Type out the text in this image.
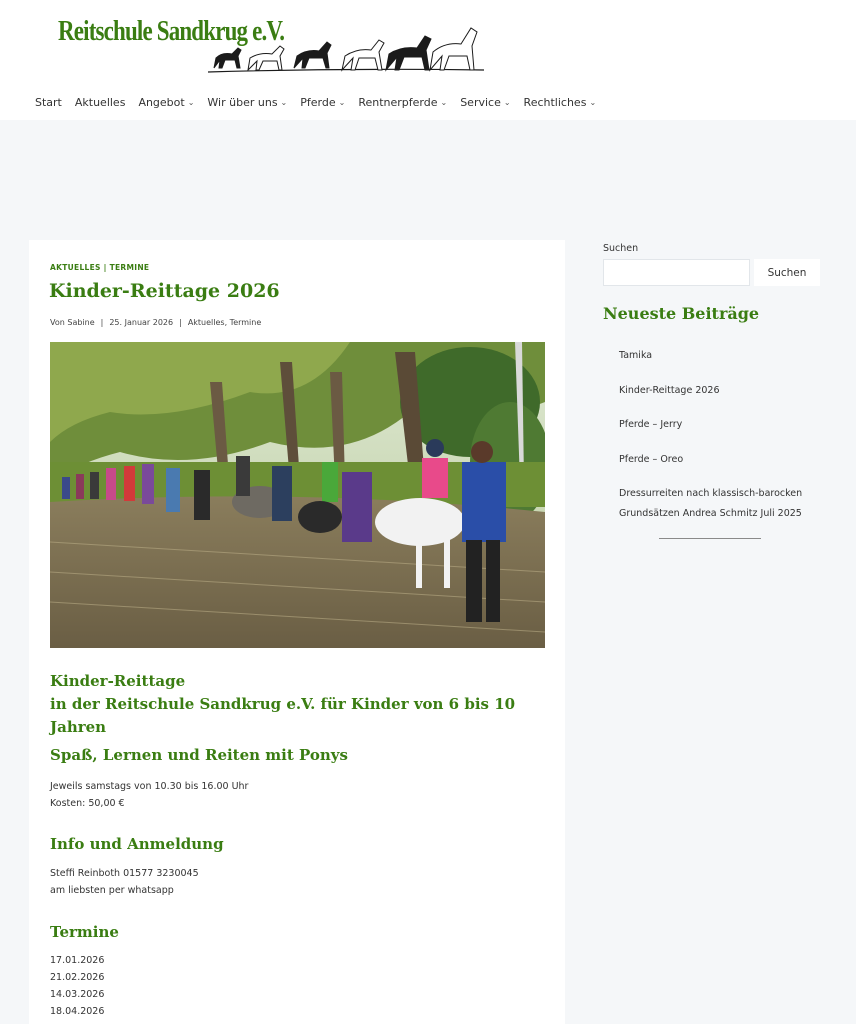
Reitschule Sandkrug e.V.
Start Aktuelles Angebot ⌄ Wir über uns ⌄ Pferde ⌄ Rentnerpferde ⌄ Service ⌄ Rechtliches ⌄
AKTUELLES | TERMINE
Kinder-Reittage 2026
Von Sabine | 25. Januar 2026 | Aktuelles, Termine
Kinder-Reittage
in der Reitschule Sandkrug e.V. für Kinder von 6 bis 10 Jahren
Spaß, Lernen und Reiten mit Ponys

Jeweils samstags von 10.30 bis 16.00 Uhr
Kosten: 50,00 €

Info und Anmeldung

Steffi Reinboth 01577 3230045
am liebsten per whatsapp

Termine

17.01.2026
21.02.2026
14.03.2026
18.04.2026

Suchen
Suchen
Neueste Beiträge
Tamika
Kinder-Reittage 2026
Pferde – Jerry
Pferde – Oreo
Dressurreiten nach klassisch-barocken Grundsätzen Andrea Schmitz Juli 2025
